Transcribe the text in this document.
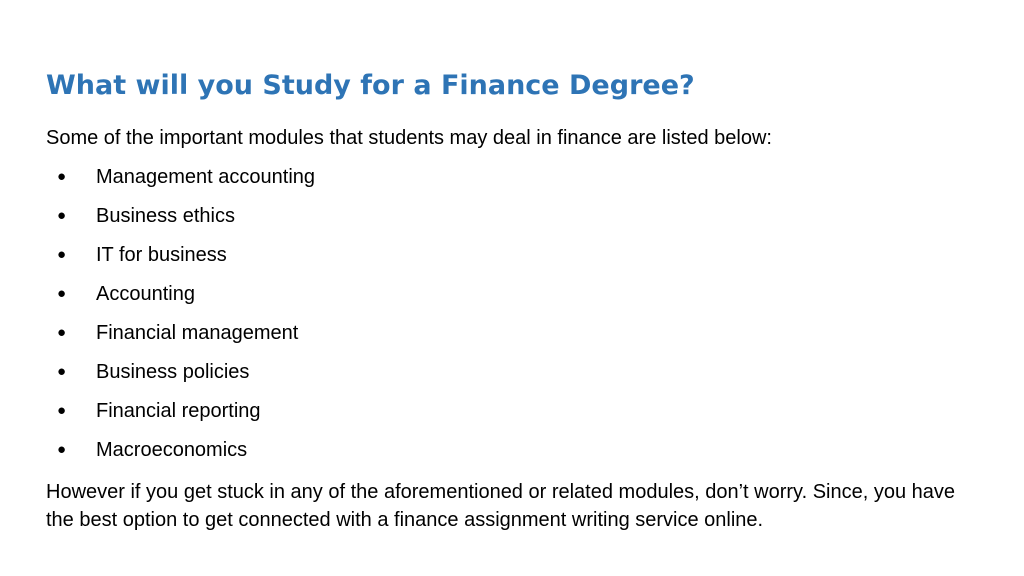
What will you Study for a Finance Degree?

Some of the important modules that students may deal in finance are listed below:

● Management accounting
● Business ethics
● IT for business
● Accounting
● Financial management
● Business policies
● Financial reporting
● Macroeconomics

However if you get stuck in any of the aforementioned or related modules, don’t worry. Since, you have the best option to get connected with a finance assignment writing service online.
